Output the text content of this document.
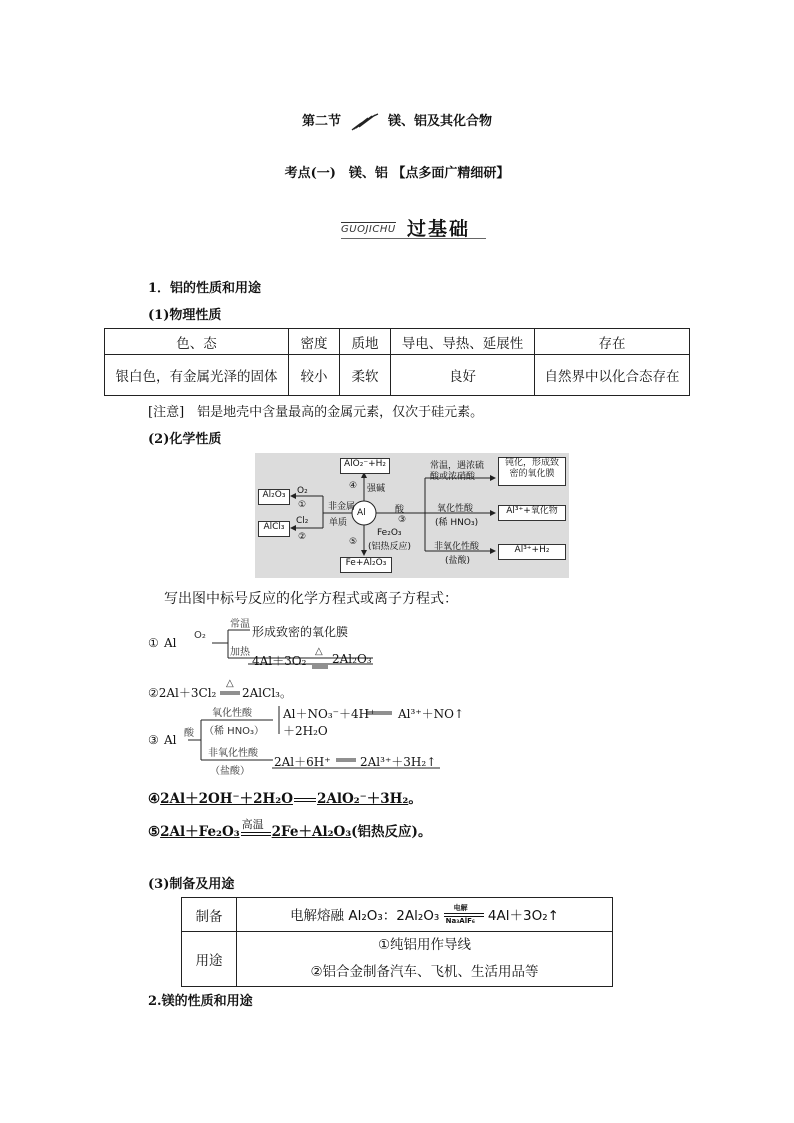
第二节	镁、铝及其化合物
考点(一)　镁、铝 【点多面广精细研】
GUOJICHU 过基础
1．铝的性质和用途
(1)物理性质
色、态	密度	质地	导电、导热、延展性	存在
银白色，有金属光泽的固体	较小	柔软	良好	自然界中以化合态存在
[注意]　铝是地壳中含量最高的金属元素，仅次于硅元素。
(2)化学性质
Al
Al₂O₃
AlCl₃
O₂
①
Cl₂
②
非金属
单质
AlO₂⁻+H₂
④ 强碱
酸
③
⑤
Fe₂O₃
(铝热反应)
Fe+Al₂O₃
常温，遇浓硫
酸或浓硝酸
钝化，形成致
密的氧化膜
氧化性酸
(稀 HNO₃)
Al³⁺+氧化物
非氧化性酸
(盐酸)
Al³⁺+H₂
写出图中标号反应的化学方程式或离子方程式：
① Al
O₂
常温
形成致密的氧化膜
加热
4Al＋3O₂
△
2Al₂O₃
②2Al＋3Cl₂
△
2AlCl₃。
③ Al 酸
氧化性酸
（稀 HNO₃）
Al＋NO₃⁻＋4H⁺ Al³⁺＋NO↑
＋2H₂O
非氧化性酸
（盐酸）
2Al＋6H⁺ 2Al³⁺＋3H₂↑
④2Al＋2OH⁻＋2H₂O 2AlO₂⁻＋3H₂。
⑤2Al＋Fe₂O₃ 高温 2Fe＋Al₂O₃(铝热反应)。
(3)制备及用途
制备	电解熔融 Al₂O₃：2Al₂O₃ 电解
Na₃AlF₆ 4Al＋3O₂↑
用途	①纯铝用作导线
②铝合金制备汽车、飞机、生活用品等
2.镁的性质和用途
